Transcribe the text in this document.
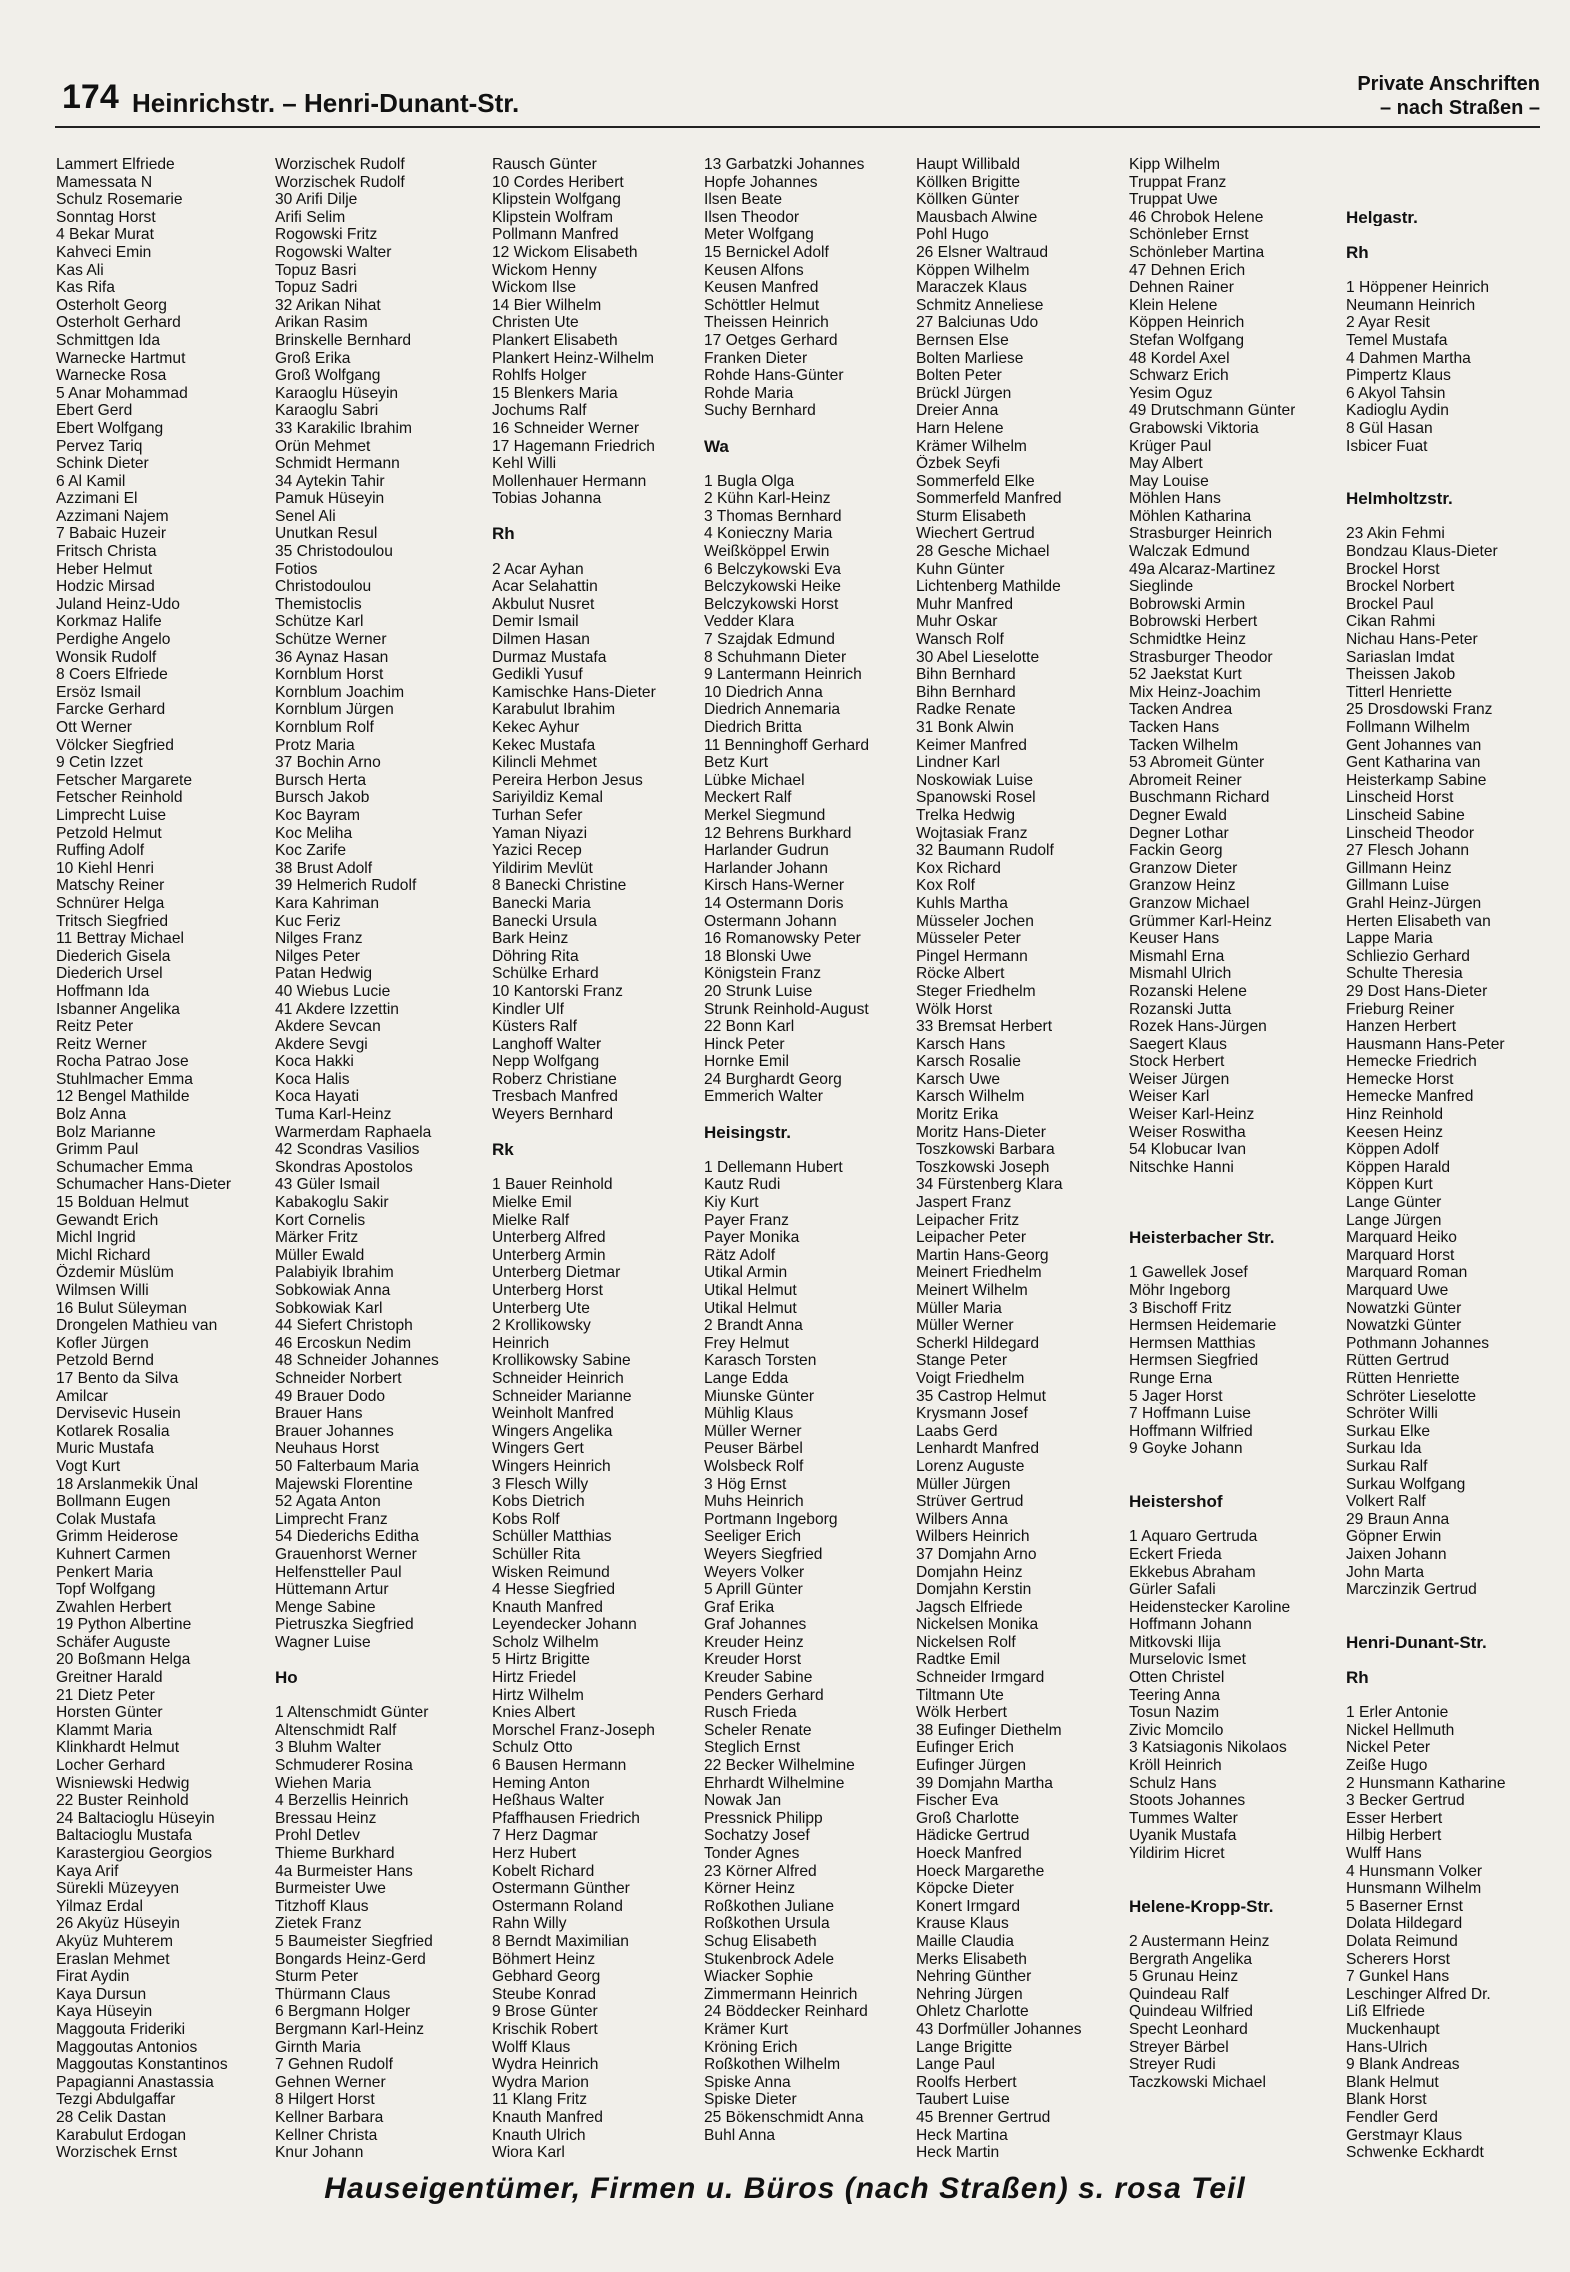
174 Heinrichstr. – Henri-Dunant-Str.
Private Anschriften
– nach Straßen –
Lammert Elfriede
Mamessata N
Schulz Rosemarie
Sonntag Horst
4 Bekar Murat
Kahveci Emin
Kas Ali
Kas Rifa
Osterholt Georg
Osterholt Gerhard
Schmittgen Ida
Warnecke Hartmut
Warnecke Rosa
5 Anar Mohammad
Ebert Gerd
Ebert Wolfgang
Pervez Tariq
Schink Dieter
6 Al Kamil
Azzimani El
Azzimani Najem
7 Babaic Huzeir
Fritsch Christa
Heber Helmut
Hodzic Mirsad
Juland Heinz-Udo
Korkmaz Halife
Perdighe Angelo
Wonsik Rudolf
8 Coers Elfriede
Ersöz Ismail
Farcke Gerhard
Ott Werner
Völcker Siegfried
9 Cetin Izzet
Fetscher Margarete
Fetscher Reinhold
Limprecht Luise
Petzold Helmut
Ruffing Adolf
10 Kiehl Henri
Matschy Reiner
Schnürer Helga
Tritsch Siegfried
11 Bettray Michael
Diederich Gisela
Diederich Ursel
Hoffmann Ida
Isbanner Angelika
Reitz Peter
Reitz Werner
Rocha Patrao Jose
Stuhlmacher Emma
12 Bengel Mathilde
Bolz Anna
Bolz Marianne
Grimm Paul
Schumacher Emma
Schumacher Hans-Dieter
15 Bolduan Helmut
Gewandt Erich
Michl Ingrid
Michl Richard
Özdemir Müslüm
Wilmsen Willi
16 Bulut Süleyman
Drongelen Mathieu van
Kofler Jürgen
Petzold Bernd
17 Bento da Silva
Amilcar
Dervisevic Husein
Kotlarek Rosalia
Muric Mustafa
Vogt Kurt
18 Arslanmekik Ünal
Bollmann Eugen
Colak Mustafa
Grimm Heiderose
Kuhnert Carmen
Penkert Maria
Topf Wolfgang
Zwahlen Herbert
19 Python Albertine
Schäfer Auguste
20 Boßmann Helga
Greitner Harald
21 Dietz Peter
Horsten Günter
Klammt Maria
Klinkhardt Helmut
Locher Gerhard
Wisniewski Hedwig
22 Buster Reinhold
24 Baltacioglu Hüseyin
Baltacioglu Mustafa
Karastergiou Georgios
Kaya Arif
Sürekli Müzeyyen
Yilmaz Erdal
26 Akyüz Hüseyin
Akyüz Muhterem
Eraslan Mehmet
Firat Aydin
Kaya Dursun
Kaya Hüseyin
Maggouta Frideriki
Maggoutas Antonios
Maggoutas Konstantinos
Papagianni Anastassia
Tezgi Abdulgaffar
28 Celik Dastan
Karabulut Erdogan
Worzischek Ernst
Worzischek Rudolf
Worzischek Rudolf
30 Arifi Dilje
Arifi Selim
Rogowski Fritz
Rogowski Walter
Topuz Basri
Topuz Sadri
32 Arikan Nihat
Arikan Rasim
Brinskelle Bernhard
Groß Erika
Groß Wolfgang
Karaoglu Hüseyin
Karaoglu Sabri
33 Karakilic Ibrahim
Orün Mehmet
Schmidt Hermann
34 Aytekin Tahir
Pamuk Hüseyin
Senel Ali
Unutkan Resul
35 Christodoulou
Fotios
Christodoulou
Themistoclis
Schütze Karl
Schütze Werner
36 Aynaz Hasan
Kornblum Horst
Kornblum Joachim
Kornblum Jürgen
Kornblum Rolf
Protz Maria
37 Bochin Arno
Bursch Herta
Bursch Jakob
Koc Bayram
Koc Meliha
Koc Zarife
38 Brust Adolf
39 Helmerich Rudolf
Kara Kahriman
Kuc Feriz
Nilges Franz
Nilges Peter
Patan Hedwig
40 Wiebus Lucie
41 Akdere Izzettin
Akdere Sevcan
Akdere Sevgi
Koca Hakki
Koca Halis
Koca Hayati
Tuma Karl-Heinz
Warmerdam Raphaela
42 Scondras Vasilios
Skondras Apostolos
43 Güler Ismail
Kabakoglu Sakir
Kort Cornelis
Märker Fritz
Müller Ewald
Palabiyik Ibrahim
Sobkowiak Anna
Sobkowiak Karl
44 Siefert Christoph
46 Ercoskun Nedim
48 Schneider Johannes
Schneider Norbert
49 Brauer Dodo
Brauer Hans
Brauer Johannes
Neuhaus Horst
50 Falterbaum Maria
Majewski Florentine
52 Agata Anton
Limprecht Franz
54 Diederichs Editha
Grauenhorst Werner
Helfenstteller Paul
Hüttemann Artur
Menge Sabine
Pietruszka Siegfried
Wagner Luise
Ho
1 Altenschmidt Günter
Altenschmidt Ralf
3 Bluhm Walter
Schmuderer Rosina
Wiehen Maria
4 Berzellis Heinrich
Bressau Heinz
Prohl Detlev
Thieme Burkhard
4a Burmeister Hans
Burmeister Uwe
Titzhoff Klaus
Zietek Franz
5 Baumeister Siegfried
Bongards Heinz-Gerd
Sturm Peter
Thürmann Claus
6 Bergmann Holger
Bergmann Karl-Heinz
Girnth Maria
7 Gehnen Rudolf
Gehnen Werner
8 Hilgert Horst
Kellner Barbara
Kellner Christa
Knur Johann
Rausch Günter
10 Cordes Heribert
Klipstein Wolfgang
Klipstein Wolfram
Pollmann Manfred
12 Wickom Elisabeth
Wickom Henny
Wickom Ilse
14 Bier Wilhelm
Christen Ute
Plankert Elisabeth
Plankert Heinz-Wilhelm
Rohlfs Holger
15 Blenkers Maria
Jochums Ralf
16 Schneider Werner
17 Hagemann Friedrich
Kehl Willi
Mollenhauer Hermann
Tobias Johanna
Rh
2 Acar Ayhan
Acar Selahattin
Akbulut Nusret
Demir Ismail
Dilmen Hasan
Durmaz Mustafa
Gedikli Yusuf
Kamischke Hans-Dieter
Karabulut Ibrahim
Kekec Ayhur
Kekec Mustafa
Kilincli Mehmet
Pereira Herbon Jesus
Sariyildiz Kemal
Turhan Sefer
Yaman Niyazi
Yazici Recep
Yildirim Mevlüt
8 Banecki Christine
Banecki Maria
Banecki Ursula
Bark Heinz
Döhring Rita
Schülke Erhard
10 Kantorski Franz
Kindler Ulf
Küsters Ralf
Langhoff Walter
Nepp Wolfgang
Roberz Christiane
Tresbach Manfred
Weyers Bernhard
Rk
1 Bauer Reinhold
Mielke Emil
Mielke Ralf
Unterberg Alfred
Unterberg Armin
Unterberg Dietmar
Unterberg Horst
Unterberg Ute
2 Krollikowsky
Heinrich
Krollikowsky Sabine
Schneider Heinrich
Schneider Marianne
Weinholt Manfred
Wingers Angelika
Wingers Gert
Wingers Heinrich
3 Flesch Willy
Kobs Dietrich
Kobs Rolf
Schüller Matthias
Schüller Rita
Wisken Reimund
4 Hesse Siegfried
Knauth Manfred
Leyendecker Johann
Scholz Wilhelm
5 Hirtz Brigitte
Hirtz Friedel
Hirtz Wilhelm
Knies Albert
Morschel Franz-Joseph
Schulz Otto
6 Bausen Hermann
Heming Anton
Heßhaus Walter
Pfaffhausen Friedrich
7 Herz Dagmar
Herz Hubert
Kobelt Richard
Ostermann Günther
Ostermann Roland
Rahn Willy
8 Berndt Maximilian
Böhmert Heinz
Gebhard Georg
Steube Konrad
9 Brose Günter
Krischik Robert
Wolff Klaus
Wydra Heinrich
Wydra Marion
11 Klang Fritz
Knauth Manfred
Knauth Ulrich
Wiora Karl
13 Garbatzki Johannes
Hopfe Johannes
Ilsen Beate
Ilsen Theodor
Meter Wolfgang
15 Bernickel Adolf
Keusen Alfons
Keusen Manfred
Schöttler Helmut
Theissen Heinrich
17 Oetges Gerhard
Franken Dieter
Rohde Hans-Günter
Rohde Maria
Suchy Bernhard
Wa
1 Bugla Olga
2 Kühn Karl-Heinz
3 Thomas Bernhard
4 Konieczny Maria
Weißköppel Erwin
6 Belczykowski Eva
Belczykowski Heike
Belczykowski Horst
Vedder Klara
7 Szajdak Edmund
8 Schuhmann Dieter
9 Lantermann Heinrich
10 Diedrich Anna
Diedrich Annemaria
Diedrich Britta
11 Benninghoff Gerhard
Betz Kurt
Lübke Michael
Meckert Ralf
Merkel Siegmund
12 Behrens Burkhard
Harlander Gudrun
Harlander Johann
Kirsch Hans-Werner
14 Ostermann Doris
Ostermann Johann
16 Romanowsky Peter
18 Blonski Uwe
Königstein Franz
20 Strunk Luise
Strunk Reinhold-August
22 Bonn Karl
Hinck Peter
Hornke Emil
24 Burghardt Georg
Emmerich Walter
Heisingstr.
1 Dellemann Hubert
Kautz Rudi
Kiy Kurt
Payer Franz
Payer Monika
Rätz Adolf
Utikal Armin
Utikal Helmut
Utikal Helmut
2 Brandt Anna
Frey Helmut
Karasch Torsten
Lange Edda
Miunske Günter
Mühlig Klaus
Müller Werner
Peuser Bärbel
Wolsbeck Rolf
3 Hög Ernst
Muhs Heinrich
Portmann Ingeborg
Seeliger Erich
Weyers Siegfried
Weyers Volker
5 Aprill Günter
Graf Erika
Graf Johannes
Kreuder Heinz
Kreuder Horst
Kreuder Sabine
Penders Gerhard
Rusch Frieda
Scheler Renate
Steglich Ernst
22 Becker Wilhelmine
Ehrhardt Wilhelmine
Nowak Jan
Pressnick Philipp
Sochatzy Josef
Tonder Agnes
23 Körner Alfred
Körner Heinz
Roßkothen Juliane
Roßkothen Ursula
Schug Elisabeth
Stukenbrock Adele
Wiacker Sophie
Zimmermann Heinrich
24 Böddecker Reinhard
Krämer Kurt
Kröning Erich
Roßkothen Wilhelm
Spiske Anna
Spiske Dieter
25 Bökenschmidt Anna
Buhl Anna
Haupt Willibald
Köllken Brigitte
Köllken Günter
Mausbach Alwine
Pohl Hugo
26 Elsner Waltraud
Köppen Wilhelm
Maraczek Klaus
Schmitz Anneliese
27 Balciunas Udo
Bernsen Else
Bolten Marliese
Bolten Peter
Brückl Jürgen
Dreier Anna
Harn Helene
Krämer Wilhelm
Özbek Seyfi
Sommerfeld Elke
Sommerfeld Manfred
Sturm Elisabeth
Wiechert Gertrud
28 Gesche Michael
Kuhn Günter
Lichtenberg Mathilde
Muhr Manfred
Muhr Oskar
Wansch Rolf
30 Abel Lieselotte
Bihn Bernhard
Bihn Bernhard
Radke Renate
31 Bonk Alwin
Keimer Manfred
Lindner Karl
Noskowiak Luise
Spanowski Rosel
Trelka Hedwig
Wojtasiak Franz
32 Baumann Rudolf
Kox Richard
Kox Rolf
Kuhls Martha
Müsseler Jochen
Müsseler Peter
Pingel Hermann
Röcke Albert
Steger Friedhelm
Wölk Horst
33 Bremsat Herbert
Karsch Hans
Karsch Rosalie
Karsch Uwe
Karsch Wilhelm
Moritz Erika
Moritz Hans-Dieter
Toszkowski Barbara
Toszkowski Joseph
34 Fürstenberg Klara
Jaspert Franz
Leipacher Fritz
Leipacher Peter
Martin Hans-Georg
Meinert Friedhelm
Meinert Wilhelm
Müller Maria
Müller Werner
Scherkl Hildegard
Stange Peter
Voigt Friedhelm
35 Castrop Helmut
Krysmann Josef
Laabs Gerd
Lenhardt Manfred
Lorenz Auguste
Müller Jürgen
Strüver Gertrud
Wilbers Anna
Wilbers Heinrich
37 Domjahn Arno
Domjahn Heinz
Domjahn Kerstin
Jagsch Elfriede
Nickelsen Monika
Nickelsen Rolf
Radtke Emil
Schneider Irmgard
Tiltmann Ute
Wölk Herbert
38 Eufinger Diethelm
Eufinger Erich
Eufinger Jürgen
39 Domjahn Martha
Fischer Eva
Groß Charlotte
Hädicke Gertrud
Hoeck Manfred
Hoeck Margarethe
Köpcke Dieter
Konert Irmgard
Krause Klaus
Maille Claudia
Merks Elisabeth
Nehring Günther
Nehring Jürgen
Ohletz Charlotte
43 Dorfmüller Johannes
Lange Brigitte
Lange Paul
Roolfs Herbert
Taubert Luise
45 Brenner Gertrud
Heck Martina
Heck Martin
Kipp Wilhelm
Truppat Franz
Truppat Uwe
46 Chrobok Helene
Schönleber Ernst
Schönleber Martina
47 Dehnen Erich
Dehnen Rainer
Klein Helene
Köppen Heinrich
Stefan Wolfgang
48 Kordel Axel
Schwarz Erich
Yesim Oguz
49 Drutschmann Günter
Grabowski Viktoria
Krüger Paul
May Albert
May Louise
Möhlen Hans
Möhlen Katharina
Strasburger Heinrich
Walczak Edmund
49a Alcaraz-Martinez
Sieglinde
Bobrowski Armin
Bobrowski Herbert
Schmidtke Heinz
Strasburger Theodor
52 Jaekstat Kurt
Mix Heinz-Joachim
Tacken Andrea
Tacken Hans
Tacken Wilhelm
53 Abromeit Günter
Abromeit Reiner
Buschmann Richard
Degner Ewald
Degner Lothar
Fackin Georg
Granzow Dieter
Granzow Heinz
Granzow Michael
Grümmer Karl-Heinz
Keuser Hans
Mismahl Erna
Mismahl Ulrich
Rozanski Helene
Rozanski Jutta
Rozek Hans-Jürgen
Saegert Klaus
Stock Herbert
Weiser Jürgen
Weiser Karl
Weiser Karl-Heinz
Weiser Roswitha
54 Klobucar Ivan
Nitschke Hanni
Heisterbacher Str.
1 Gawellek Josef
Möhr Ingeborg
3 Bischoff Fritz
Hermsen Heidemarie
Hermsen Matthias
Hermsen Siegfried
Runge Erna
5 Jager Horst
7 Hoffmann Luise
Hoffmann Wilfried
9 Goyke Johann
Heistershof
1 Aquaro Gertruda
Eckert Frieda
Ekkebus Abraham
Gürler Safali
Heidenstecker Karoline
Hoffmann Johann
Mitkovski Ilija
Murselovic Ismet
Otten Christel
Teering Anna
Tosun Nazim
Zivic Momcilo
3 Katsiagonis Nikolaos
Kröll Heinrich
Schulz Hans
Stoots Johannes
Tummes Walter
Uyanik Mustafa
Yildirim Hicret
Helene-Kropp-Str.
2 Austermann Heinz
Bergrath Angelika
5 Grunau Heinz
Quindeau Ralf
Quindeau Wilfried
Specht Leonhard
Streyer Bärbel
Streyer Rudi
Taczkowski Michael
Helgastr.
Rh
1 Höppener Heinrich
Neumann Heinrich
2 Ayar Resit
Temel Mustafa
4 Dahmen Martha
Pimpertz Klaus
6 Akyol Tahsin
Kadioglu Aydin
8 Gül Hasan
Isbicer Fuat
Helmholtzstr.
23 Akin Fehmi
Bondzau Klaus-Dieter
Brockel Horst
Brockel Norbert
Brockel Paul
Cikan Rahmi
Nichau Hans-Peter
Sariaslan Imdat
Theissen Jakob
Titterl Henriette
25 Drosdowski Franz
Follmann Wilhelm
Gent Johannes van
Gent Katharina van
Heisterkamp Sabine
Linscheid Horst
Linscheid Sabine
Linscheid Theodor
27 Flesch Johann
Gillmann Heinz
Gillmann Luise
Grahl Heinz-Jürgen
Herten Elisabeth van
Lappe Maria
Schliezio Gerhard
Schulte Theresia
29 Dost Hans-Dieter
Frieburg Reiner
Hanzen Herbert
Hausmann Hans-Peter
Hemecke Friedrich
Hemecke Horst
Hemecke Manfred
Hinz Reinhold
Keesen Heinz
Köppen Adolf
Köppen Harald
Köppen Kurt
Lange Günter
Lange Jürgen
Marquard Heiko
Marquard Horst
Marquard Roman
Marquard Uwe
Nowatzki Günter
Nowatzki Günter
Pothmann Johannes
Rütten Gertrud
Rütten Henriette
Schröter Lieselotte
Schröter Willi
Surkau Elke
Surkau Ida
Surkau Ralf
Surkau Wolfgang
Volkert Ralf
29 Braun Anna
Göpner Erwin
Jaixen Johann
John Marta
Marczinzik Gertrud
Henri-Dunant-Str.
Rh
1 Erler Antonie
Nickel Hellmuth
Nickel Peter
Zeiße Hugo
2 Hunsmann Katharine
3 Becker Gertrud
Esser Herbert
Hilbig Herbert
Wulff Hans
4 Hunsmann Volker
Hunsmann Wilhelm
5 Baserner Ernst
Dolata Hildegard
Dolata Reimund
Scherers Horst
7 Gunkel Hans
Leschinger Alfred Dr.
Liß Elfriede
Muckenhaupt
Hans-Ulrich
9 Blank Andreas
Blank Helmut
Blank Horst
Fendler Gerd
Gerstmayr Klaus
Schwenke Eckhardt
Hauseigentümer, Firmen u. Büros (nach Straßen) s. rosa Teil
